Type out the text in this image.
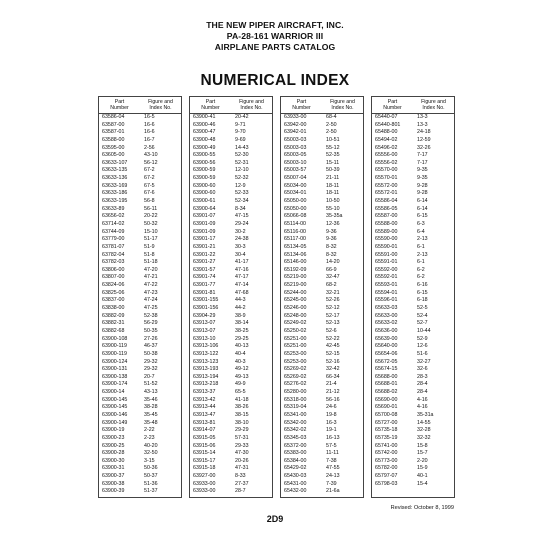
THE NEW PIPER AIRCRAFT, INC.
PA-28-161 WARRIOR III
AIRPLANE PARTS CATALOG
NUMERICAL INDEX
Part
Number
Figure and
Index No.
63586-04	16-5
63587-00	16-6
63587-01	16-6
63588-00	16-7
63595-00	2-56
63605-00	43-10
63633-107	56-12
63633-135	67-2
63633-136	67-2
63633-169	67-5
63633-186	67-6
63633-195	56-8
63633-89	56-11
63656-02	20-22
63714-02	50-32
63744-09	15-10
63779-00	51-17
63781-07	51-9
63782-04	51-8
63782-03	51-18
63806-00	47-20
63807-00	47-21
63824-06	47-22
63825-06	47-23
63837-00	47-24
63838-00	47-25
63882-09	52-38
63882-31	56-29
63882-68	50-35
63900-108	27-26
63900-119	46-37
63900-119	50-38
63900-124	29-32
63900-131	29-32
63900-138	20-7
63900-174	51-52
63900-14	43-13
63900-145	35-46
63900-145	38-28
63900-146	35-45
63900-149	35-48
63900-19	2-22
63900-23	2-23
63900-25	40-20
63900-28	32-50
63900-30	3-15
63900-31	50-36
63900-37	50-37
63900-38	51-36
63900-39	51-37
Part
Number
Figure and
Index No.
63900-41	20-42
63900-46	9-71
63900-47	9-70
63900-48	9-69
63900-49	14-43
63900-55	52-30
63900-56	52-31
63900-59	12-10
63900-59	52-32
63900-60	12-9
63900-60	52-33
63900-61	52-34
63900-64	8-34
63901-07	47-15
63901-09	29-24
63901-09	30-2
63901-17	24-38
63901-21	30-3
63901-22	30-4
63901-27	41-17
63901-57	47-16
63901-74	47-17
63901-77	47-14
63901-81	47-68
63901-155	44-3
63901-156	44-2
63904-29	38-9
63913-07	38-14
63913-07	38-25
63913-10	29-25
63913-106	40-13
63913-122	40-4
63913-123	40-3
63913-193	49-12
63913-194	49-13
63913-218	49-9
63913-37	65-5
63913-42	41-18
63913-44	38-26
63913-47	38-15
63913-81	38-10
63914-07	29-29
63915-05	57-31
63915-06	29-33
63915-14	47-30
63915-17	20-26
63915-18	47-31
63927-00	8-33
63933-00	27-37
63933-00	28-7
Part
Number
Figure and
Index No.
63933-00	68-4
63942-00	2-50
63942-01	2-50
65003-03	10-51
65003-03	55-12
65003-05	52-35
65003-10	15-11
65003-57	50-39
65007-04	21-11
65034-00	18-11
65034-01	18-11
65050-00	10-50
65050-00	55-10
65066-08	35-35a
65114-00	12-36
65116-00	9-36
65117-00	9-36
65134-05	8-32
65134-06	8-32
65146-00	14-20
65192-09	66-9
65219-00	32-47
65219-00	68-2
65244-00	32-21
65245-00	52-26
65246-00	52-12
65248-00	52-17
65249-02	52-13
65250-02	52-6
65251-00	52-22
65251-00	42-45
65253-00	52-15
65253-00	52-16
65269-02	32-42
65269-02	66-34
65276-02	21-4
65280-00	21-12
65318-00	56-16
65319-04	24-6
65341-00	19-8
65342-00	16-3
65342-02	19-1
65345-03	16-13
65372-00	57-5
65383-00	11-11
65384-00	7-38
65429-02	47-55
65430-03	24-13
65431-00	7-39
65432-00	21-6a
Part
Number
Figure and
Index No.
65440-07	13-3
65440-801	13-3
65488-00	24-18
65494-02	12-59
65496-02	32-26
65556-00	7-17
65556-02	7-17
65570-00	9-35
65570-01	9-35
65572-00	9-28
65572-01	9-28
65586-04	6-14
65586-05	6-14
65587-00	6-15
65588-00	6-3
65589-00	6-4
65590-00	2-13
65590-01	6-1
65591-00	2-13
65591-01	6-1
65592-00	6-2
65592-01	6-2
65593-01	6-16
65594-01	6-15
65596-01	6-18
65633-03	52-5
65633-00	52-4
65633-02	52-7
65636-00	10-44
65639-00	52-9
65640-00	12-6
65654-06	51-6
65672-05	32-27
65674-15	32-6
65688-00	28-3
65688-01	28-4
65688-02	28-4
65690-00	4-16
65690-01	4-16
65700-08	35-31a
65727-00	14-55
65735-18	32-28
65735-19	32-32
65741-00	15-8
65742-00	15-7
65773-00	2-20
65782-00	15-9
65797-07	40-1
65798-03	15-4
Revised: October 8, 1999
2D9
